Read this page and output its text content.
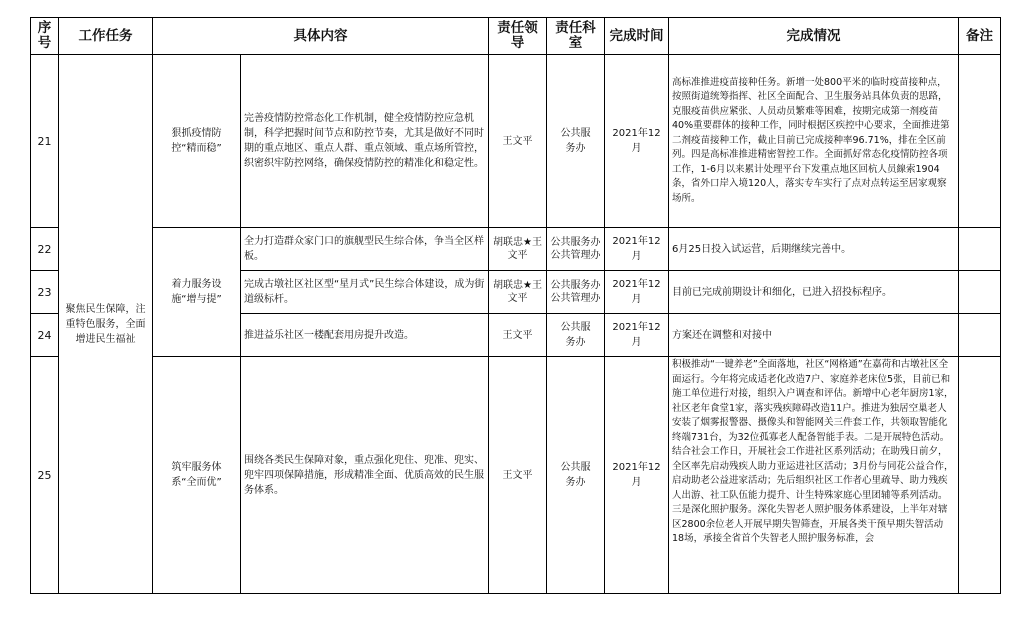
序号	工作任务	具体内容		责任领导	责任科室	完成时间	完成情况	备注
21	聚焦民生保障，注重特色服务，全面增进民生福祉	狠抓疫情防控“精而稳”	完善疫情防控常态化工作机制，健全疫情防控应急机制，科学把握时间节点和防控节奏，尤其是做好不同时期的重点地区、重点人群、重点领域、重点场所管控，织密织牢防控网络，确保疫情防控的精准化和稳定性。	王文平	公共服务办	2021年12月	高标准推进疫苗接种任务。新增一处800平米的临时疫苗接种点，按照街道统筹指挥、社区全面配合、卫生服务站具体负责的思路，克服疫苗供应紧张、人员动员繁难等困难，按期完成第一剂疫苗40%重要群体的接种工作，同时根据区疾控中心要求，全面推进第二剂疫苗接种工作，截止目前已完成接种率96.71%，排在全区前列。四是高标准推进精密智控工作。全面抓好常态化疫情防控各项工作，1-6月以来累计处理平台下发重点地区回杭人员線索1904条，省外口岸入境120人，落实专车实行了点对点转运至居家观察场所。	
22		着力服务设施“增与提”	全力打造群众家门口的旗舰型民生综合体，争当全区样板。	胡联忠★王文平	公共服务办公共管理办	2021年12月	6月25日投入试运营，后期继续完善中。	
23			完成古墩社区社区型“星月式”民生综合体建设，成为街道级标杆。	胡联忠★王文平	公共服务办公共管理办	2021年12月	目前已完成前期设计和细化，已进入招投标程序。	
24			推进益乐社区一楼配套用房提升改造。	王文平	公共服务办	2021年12月	方案还在调整和对接中	
25		筑牢服务体系“全而优”	围绕各类民生保障对象，重点强化兜住、兜准、兜实、兜牢四项保障措施，形成精准全面、优质高效的民生服务体系。	王文平	公共服务办	2021年12月	积极推动“一键养老”全面落地，社区“网格通”在嘉荷和古墩社区全面运行。今年将完成适老化改造7户、家庭养老床位5张，目前已和施工单位进行对接，组织入户调查和评估。新增中心老年厨房1家，社区老年食堂1家，落实残疾障碍改造11户。推进为独居空巢老人安装了烟雾报警器、摄像头和智能网关三件套工作，共领取智能化终端731台，为32位孤寡老人配备智能手表。二是开展特色活动。结合社会工作日，开展社会工作进社区系列活动；在助残日前夕，全区率先启动残疾人助力亚运进社区活动；3月份与同花公益合作，启动助老公益进家活动；先后组织社区工作者心里疏导、助力残疾人出游、社工队伍能力提升、计生特殊家庭心里团辅等系列活动。三是深化照护服务。深化失智老人照护服务体系建设，上半年对辖区2800余位老人开展早期失智筛查，开展各类干预早期失智活动18场，承接全省首个失智老人照护服务标准，会	
